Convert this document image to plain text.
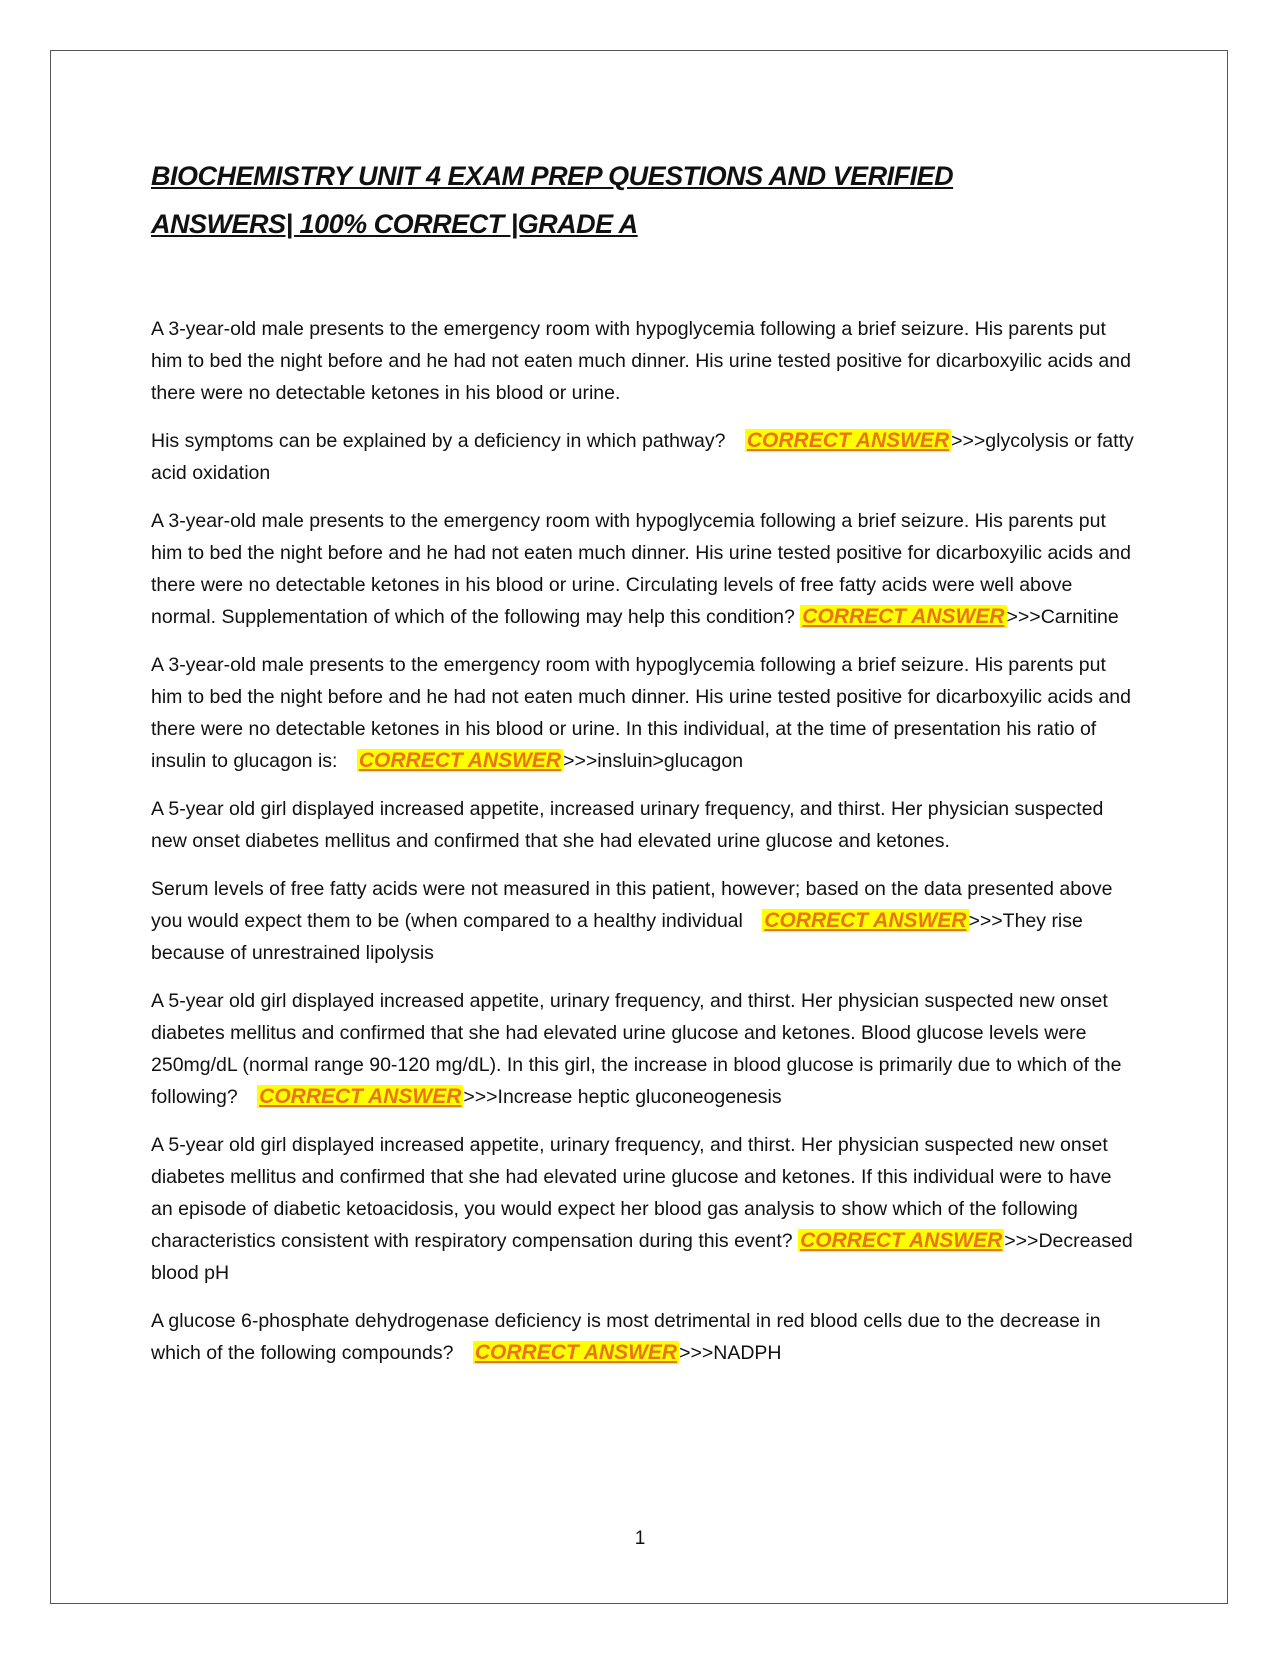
BIOCHEMISTRY UNIT 4 EXAM PREP QUESTIONS AND VERIFIED
ANSWERS| 100% CORRECT |GRADE A

A 3-year-old male presents to the emergency room with hypoglycemia following a brief seizure. His parents put him to bed the night before and he had not eaten much dinner. His urine tested positive for dicarboxyilic acids and there were no detectable ketones in his blood or urine.

His symptoms can be explained by a deficiency in which pathway? CORRECT ANSWER >>>glycolysis or fatty acid oxidation

A 3-year-old male presents to the emergency room with hypoglycemia following a brief seizure. His parents put him to bed the night before and he had not eaten much dinner. His urine tested positive for dicarboxyilic acids and there were no detectable ketones in his blood or urine. Circulating levels of free fatty acids were well above normal. Supplementation of which of the following may help this condition? CORRECT ANSWER >>>Carnitine

A 3-year-old male presents to the emergency room with hypoglycemia following a brief seizure. His parents put him to bed the night before and he had not eaten much dinner. His urine tested positive for dicarboxyilic acids and there were no detectable ketones in his blood or urine. In this individual, at the time of presentation his ratio of insulin to glucagon is: CORRECT ANSWER >>>insluin>glucagon

A 5-year old girl displayed increased appetite, increased urinary frequency, and thirst. Her physician suspected new onset diabetes mellitus and confirmed that she had elevated urine glucose and ketones.

Serum levels of free fatty acids were not measured in this patient, however; based on the data presented above you would expect them to be (when compared to a healthy individual CORRECT ANSWER >>>They rise because of unrestrained lipolysis

A 5-year old girl displayed increased appetite, urinary frequency, and thirst. Her physician suspected new onset diabetes mellitus and confirmed that she had elevated urine glucose and ketones. Blood glucose levels were 250mg/dL (normal range 90-120 mg/dL). In this girl, the increase in blood glucose is primarily due to which of the following? CORRECT ANSWER >>>Increase heptic gluconeogenesis

A 5-year old girl displayed increased appetite, urinary frequency, and thirst. Her physician suspected new onset diabetes mellitus and confirmed that she had elevated urine glucose and ketones. If this individual were to have an episode of diabetic ketoacidosis, you would expect her blood gas analysis to show which of the following characteristics consistent with respiratory compensation during this event? CORRECT ANSWER >>>Decreased blood pH

A glucose 6-phosphate dehydrogenase deficiency is most detrimental in red blood cells due to the decrease in which of the following compounds? CORRECT ANSWER >>>NADPH

1
